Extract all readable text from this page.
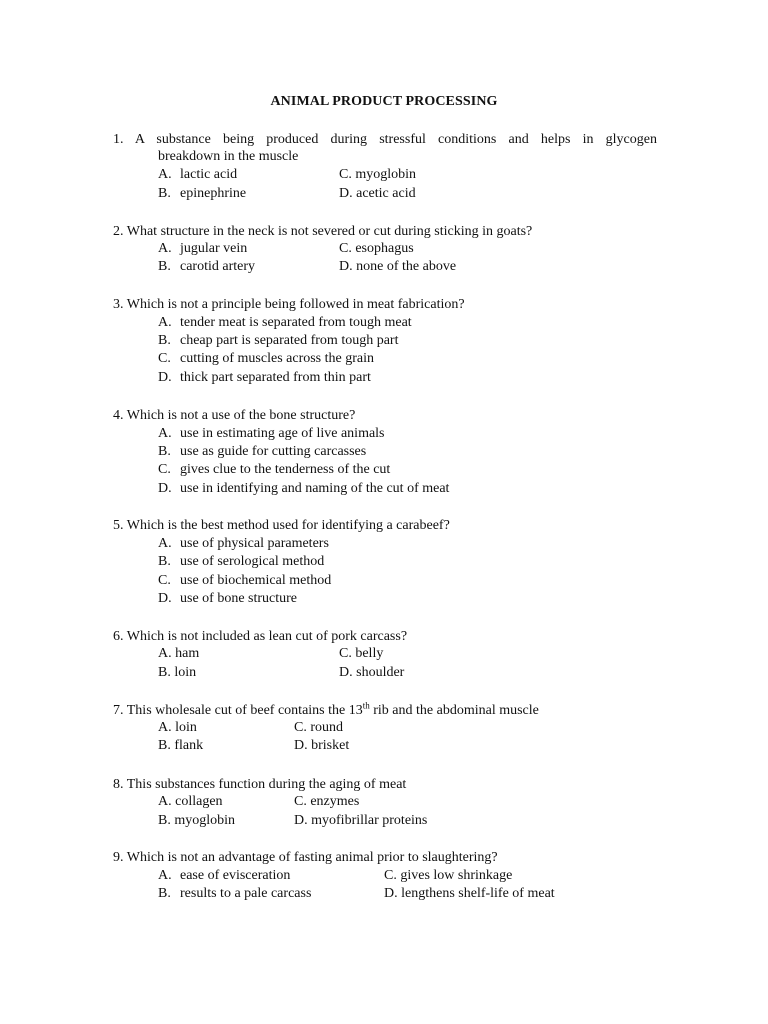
ANIMAL PRODUCT PROCESSING
1. A substance being produced during stressful conditions and helps in glycogen
breakdown in the muscle
A. lactic acid	C. myoglobin
B. epinephrine	D. acetic acid
2. What structure in the neck is not severed or cut during sticking in goats?
A. jugular vein	C. esophagus
B. carotid artery	D. none of the above
3. Which is not a principle being followed in meat fabrication?
A. tender meat is separated from tough meat
B. cheap part is separated from tough part
C. cutting of muscles across the grain
D. thick part separated from thin part
4. Which is not a use of the bone structure?
A. use in estimating age of live animals
B. use as guide for cutting carcasses
C. gives clue to the tenderness of the cut
D. use in identifying and naming of the cut of meat
5. Which is the best method used for identifying a carabeef?
A. use of physical parameters
B. use of serological method
C. use of biochemical method
D. use of bone structure
6. Which is not included as lean cut of pork carcass?
A. ham	C. belly
B. loin	D. shoulder
7. This wholesale cut of beef contains the 13th rib and the abdominal muscle
A. loin	C. round
B. flank	D. brisket
8. This substances function during the aging of meat
A. collagen	C. enzymes
B. myoglobin	D. myofibrillar proteins
9. Which is not an advantage of fasting animal prior to slaughtering?
A. ease of evisceration	C. gives low shrinkage
B. results to a pale carcass	D. lengthens shelf-life of meat
